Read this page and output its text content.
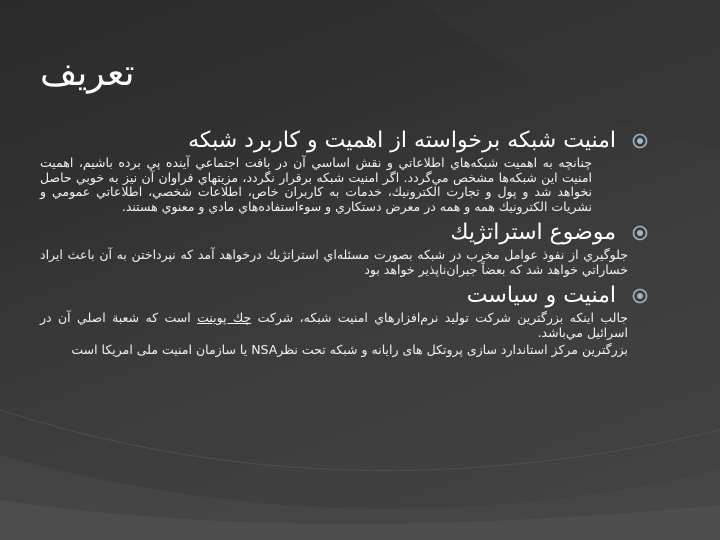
تعریف
امنيت شبكه برخواسته از اهميت و كاربرد شبكه
چنانچه به اهميت شبكه‌هاي اطلاعاتي و نقش اساسي آن در بافت اجتماعي آينده پي برده باشيم، اهميت امنيت اين شبكه‌ها مشخص مي‌گردد. اگر امنيت شبكه برقرار نگردد، مزيتهاي فراوان آن نيز به خوبي حاصل نخواهد شد و پول و تجارت الكترونيك، خدمات به كاربران خاص، اطلاعات شخصي، اطلاعاتي عمومي و نشريات الكترونيك همه و همه در معرض دستكاري و سوءاستفاده‌هاي مادي و معنوي هستند.
موضوع استراتژيك
جلوگيري از نفوذ عوامل مخرب در شبكه بصورت مسئله‌اي استراتژيك درخواهد آمد كه نپرداختن به آن باعث ايراد خساراتي خواهد شد كه بعضاً جبران‌ناپذير خواهد بود
امنيت و سياست
جالب اينكه بزرگترين شركت توليد نرم‌افزارهاي امنيت شبكه، شركت چك پوينت است كه شعبة اصلي آن در اسرائيل مي‌باشد.
بزرگترین مرکز استاندارد سازی پروتکل های رایانه و شبکه تحت نظرNSA یا سازمان امنیت ملی امریکا است
